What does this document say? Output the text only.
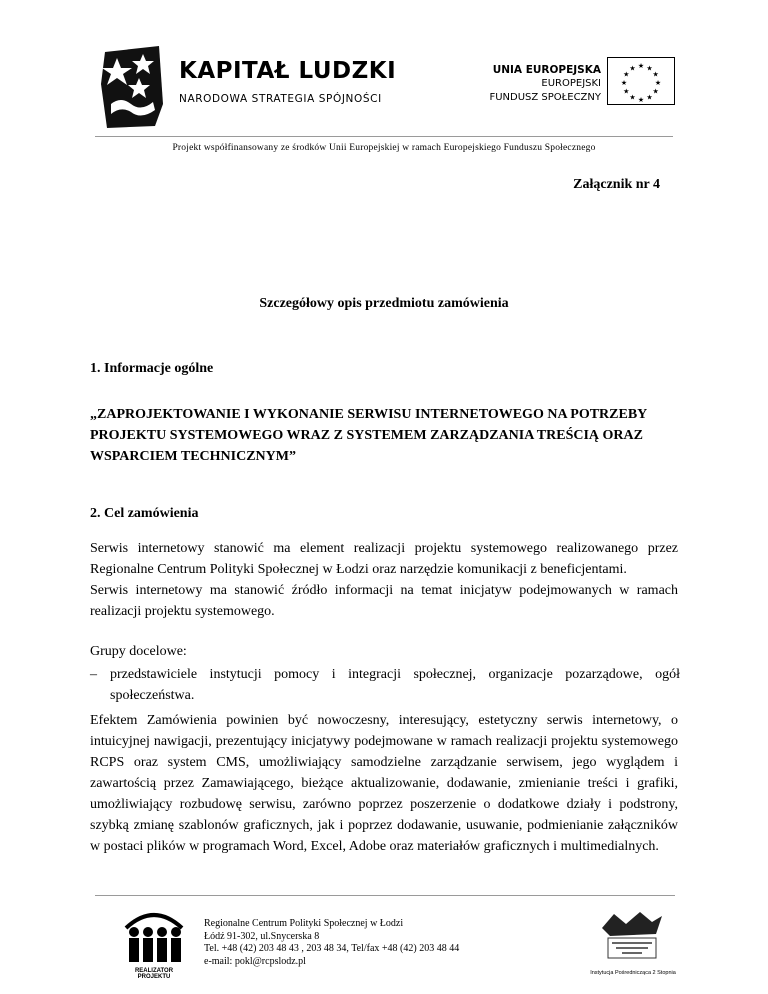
KAPITAŁ LUDZKI
NARODOWA STRATEGIA SPÓJNOŚCI
UNIA EUROPEJSKA
EUROPEJSKI
FUNDUSZ SPOŁECZNY
★ ★
★
★
★
★
★
★
★
★
★
★
Projekt współfinansowany ze środków Unii Europejskiej w ramach Europejskiego Funduszu Społecznego
Załącznik nr 4
Szczegółowy opis przedmiotu zamówienia
1. Informacje ogólne
„ZAPROJEKTOWANIE I WYKONANIE SERWISU INTERNETOWEGO NA POTRZEBY PROJEKTU SYSTEMOWEGO WRAZ Z SYSTEMEM ZARZĄDZANIA TREŚCIĄ ORAZ WSPARCIEM TECHNICZNYM”
2. Cel zamówienia

Serwis internetowy stanowić ma element realizacji projektu systemowego realizowanego przez Regionalne Centrum Polityki Społecznej w Łodzi oraz narzędzie komunikacji z beneficjentami.

Serwis internetowy ma stanowić źródło informacji na temat inicjatyw podejmowanych w ramach realizacji projektu systemowego.

Grupy docelowe:
– przedstawiciele instytucji pomocy i integracji społecznej, organizacje pozarządowe, ogół społeczeństwa.
Efektem Zamówienia powinien być nowoczesny, interesujący, estetyczny serwis internetowy, o intuicyjnej nawigacji, prezentujący inicjatywy podejmowane w ramach realizacji projektu systemowego RCPS oraz system CMS, umożliwiający samodzielne zarządzanie serwisem, jego wyglądem i zawartością przez Zamawiającego, bieżące aktualizowanie, dodawanie, zmienianie treści i grafiki, umożliwiający rozbudowę serwisu, zarówno poprzez poszerzenie o dodatkowe działy i podstrony, szybką zmianę szablonów graficznych, jak i poprzez dodawanie, usuwanie, podmienianie załączników w postaci plików w programach Word, Excel, Adobe oraz materiałów graficznych i multimedialnych.
REALIZATOR PROJEKTU
Regionalne Centrum Polityki Społecznej w Łodzi
Łódź 91-302, ul.Snycerska 8
Tel. +48 (42) 203 48 43 , 203 48 34, Tel/fax +48 (42) 203 48 44
e-mail: pokl@rcpslodz.pl
Instytucja Pośrednicząca 2 Stopnia
